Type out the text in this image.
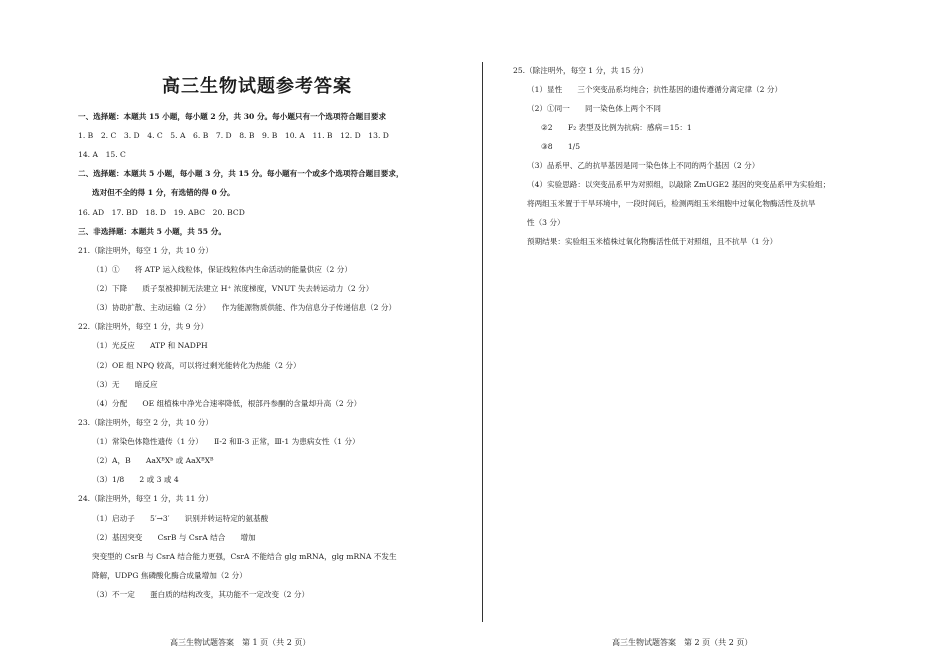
高三生物试题参考答案
一、选择题：本题共 15 小题，每小题 2 分，共 30 分。每小题只有一个选项符合题目要求
1. B　2. C　3. D　4. C　5. A　6. B　7. D　8. B　9. B　10. A　11. B　12. D　13. D
14. A　15. C
二、选择题：本题共 5 小题，每小题 3 分，共 15 分。每小题有一个或多个选项符合题目要求，
选对但不全的得 1 分，有选错的得 0 分。
16. AD　17. BD　18. D　19. ABC　20. BCD
三、非选择题：本题共 5 小题，共 55 分。
21.（除注明外，每空 1 分，共 10 分）
（1）①　　将 ATP 运入线粒体，保证线粒体内生命活动的能量供应（2 分）
（2）下降　　质子泵被抑制无法建立 H⁺ 浓度梯度，VNUT 失去转运动力（2 分）
（3）协助扩散、主动运输（2 分）　　作为能源物质供能、作为信息分子传递信息（2 分）
22.（除注明外，每空 1 分，共 9 分）
（1）光反应　　ATP 和 NADPH
（2）OE 组 NPQ 较高，可以将过剩光能转化为热能（2 分）
（3）无　　暗反应
（4）分配　　OE 组植株中净光合速率降低，根部丹参酮的含量却升高（2 分）
23.（除注明外，每空 2 分，共 10 分）
（1）常染色体隐性遗传（1 分）　　Ⅱ-2 和Ⅱ-3 正常，Ⅲ-1 为患病女性（1 分）
（2）A，B　　AaXᴮXᵇ 或 AaXᴮXᴮ
（3）1/8　　2 或 3 或 4
24.（除注明外，每空 1 分，共 11 分）
（1）启动子　　5′→3′　　识别并转运特定的氨基酸
（2）基因突变　　CsrB 与 CsrA 结合　　增加
突变型的 CsrB 与 CsrA 结合能力更强，CsrA 不能结合 glg mRNA，glg mRNA 不发生
降解，UDPG 焦磷酸化酶合成量增加（2 分）
（3）不一定　　蛋白质的结构改变，其功能不一定改变（2 分）
高三生物试题答案　第 1 页（共 2 页）
25.（除注明外，每空 1 分，共 15 分）
（1）显性　　三个突变品系均纯合；抗性基因的遗传遵循分离定律（2 分）
（2）①同一　　同一染色体上两个不同
②2　　F₂ 表型及比例为抗病：感病＝15：1
③8　　1/5
（3）品系甲、乙的抗旱基因是同一染色体上不同的两个基因（2 分）
（4）实验思路：以突变品系甲为对照组，以敲除 ZmUGE2 基因的突变品系甲为实验组；
将两组玉米置于干旱环境中，一段时间后，检测两组玉米细胞中过氧化物酶活性及抗旱
性（3 分）
预期结果：实验组玉米植株过氧化物酶活性低于对照组，且不抗旱（1 分）
高三生物试题答案　第 2 页（共 2 页）
